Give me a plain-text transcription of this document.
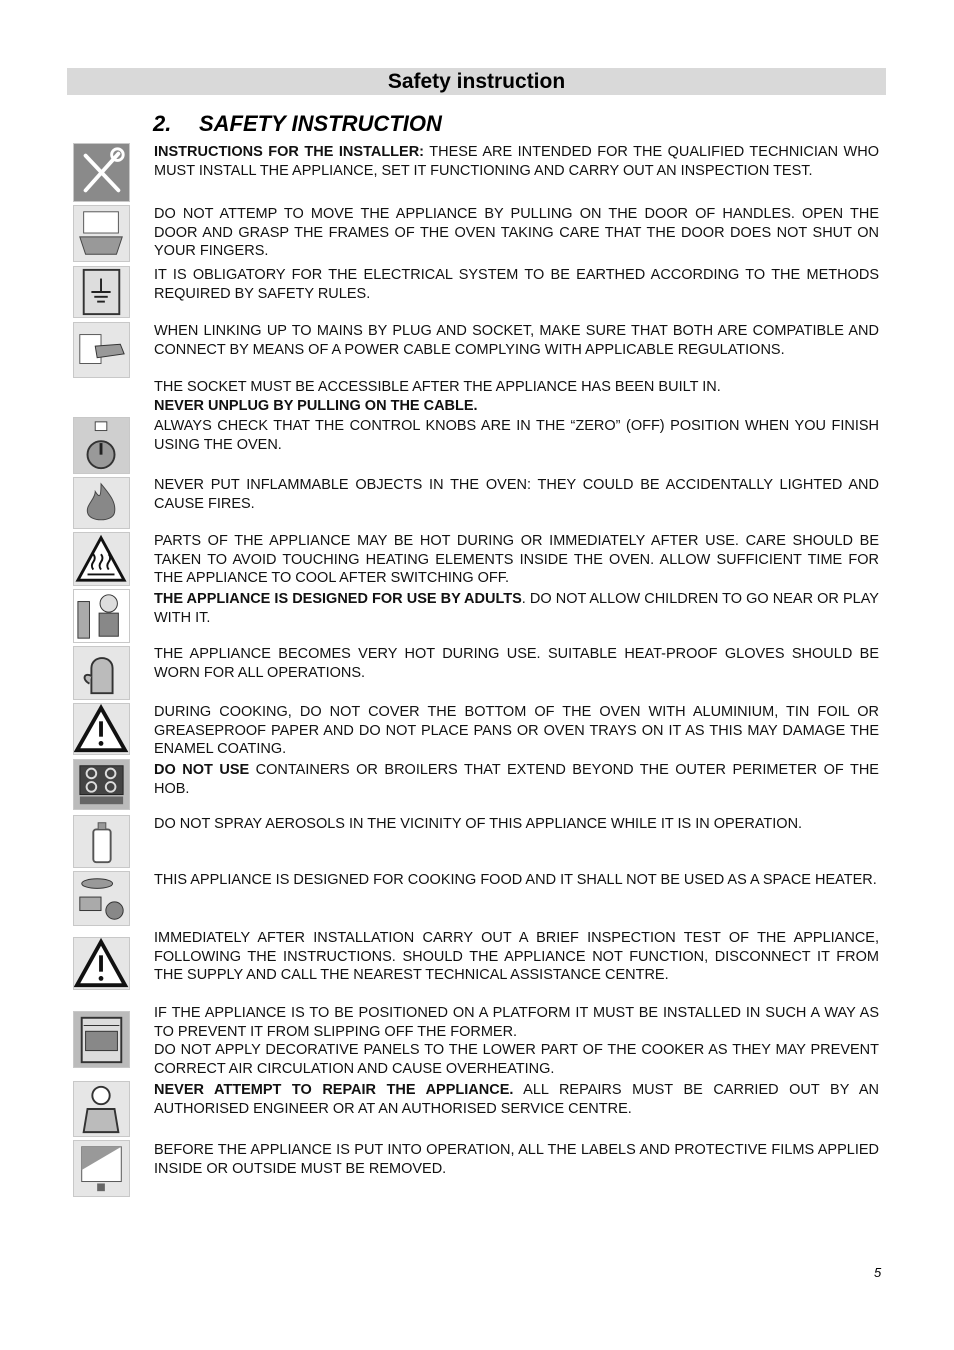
Safety instruction
2. SAFETY INSTRUCTION

INSTRUCTIONS FOR THE INSTALLER: THESE ARE INTENDED FOR THE QUALIFIED TECHNICIAN WHO MUST INSTALL THE APPLIANCE, SET IT FUNCTIONING AND CARRY OUT AN INSPECTION TEST.

DO NOT ATTEMP TO MOVE THE APPLIANCE BY PULLING ON THE DOOR OF HANDLES. OPEN THE DOOR AND GRASP THE FRAMES OF THE OVEN TAKING CARE THAT THE DOOR DOES NOT SHUT ON YOUR FINGERS.

IT IS OBLIGATORY FOR THE ELECTRICAL SYSTEM TO BE EARTHED ACCORDING TO THE METHODS REQUIRED BY SAFETY RULES.

WHEN LINKING UP TO MAINS BY PLUG AND SOCKET, MAKE SURE THAT BOTH ARE COMPATIBLE AND CONNECT BY MEANS OF A POWER CABLE COMPLYING WITH APPLICABLE REGULATIONS.

THE SOCKET MUST BE ACCESSIBLE AFTER THE APPLIANCE HAS BEEN BUILT IN.

NEVER UNPLUG BY PULLING ON THE CABLE.

ALWAYS CHECK THAT THE CONTROL KNOBS ARE IN THE “ZERO” (OFF) POSITION WHEN YOU FINISH USING THE OVEN.

NEVER PUT INFLAMMABLE OBJECTS IN THE OVEN: THEY COULD BE ACCIDENTALLY LIGHTED AND CAUSE FIRES.

PARTS OF THE APPLIANCE MAY BE HOT DURING OR IMMEDIATELY AFTER USE. CARE SHOULD BE TAKEN TO AVOID TOUCHING HEATING ELEMENTS INSIDE THE OVEN. ALLOW SUFFICIENT TIME FOR THE APPLIANCE TO COOL AFTER SWITCHING OFF.

THE APPLIANCE IS DESIGNED FOR USE BY ADULTS. DO NOT ALLOW CHILDREN TO GO NEAR OR PLAY WITH IT.

THE APPLIANCE BECOMES VERY HOT DURING USE. SUITABLE HEAT-PROOF GLOVES SHOULD BE WORN FOR ALL OPERATIONS.

DURING COOKING, DO NOT COVER THE BOTTOM OF THE OVEN WITH ALUMINIUM, TIN FOIL OR GREASEPROOF PAPER AND DO NOT PLACE PANS OR OVEN TRAYS ON IT AS THIS MAY DAMAGE THE ENAMEL COATING.

DO NOT USE CONTAINERS OR BROILERS THAT EXTEND BEYOND THE OUTER PERIMETER OF THE HOB.

DO NOT SPRAY AEROSOLS IN THE VICINITY OF THIS APPLIANCE WHILE IT IS IN OPERATION.

THIS APPLIANCE IS DESIGNED FOR COOKING FOOD AND IT SHALL NOT BE USED AS A SPACE HEATER.

IMMEDIATELY AFTER INSTALLATION CARRY OUT A BRIEF INSPECTION TEST OF THE APPLIANCE, FOLLOWING THE INSTRUCTIONS. SHOULD THE APPLIANCE NOT FUNCTION, DISCONNECT IT FROM THE SUPPLY AND CALL THE NEAREST TECHNICAL ASSISTANCE CENTRE.

IF THE APPLIANCE IS TO BE POSITIONED ON A PLATFORM IT MUST BE INSTALLED IN SUCH A WAY AS TO PREVENT IT FROM SLIPPING OFF THE FORMER.

DO NOT APPLY DECORATIVE PANELS TO THE LOWER PART OF THE COOKER AS THEY MAY PREVENT CORRECT AIR CIRCULATION AND CAUSE OVERHEATING.

NEVER ATTEMPT TO REPAIR THE APPLIANCE. ALL REPAIRS MUST BE CARRIED OUT BY AN AUTHORISED ENGINEER OR AT AN AUTHORISED SERVICE CENTRE.

BEFORE THE APPLIANCE IS PUT INTO OPERATION, ALL THE LABELS AND PROTECTIVE FILMS APPLIED INSIDE OR OUTSIDE MUST BE REMOVED.

5
